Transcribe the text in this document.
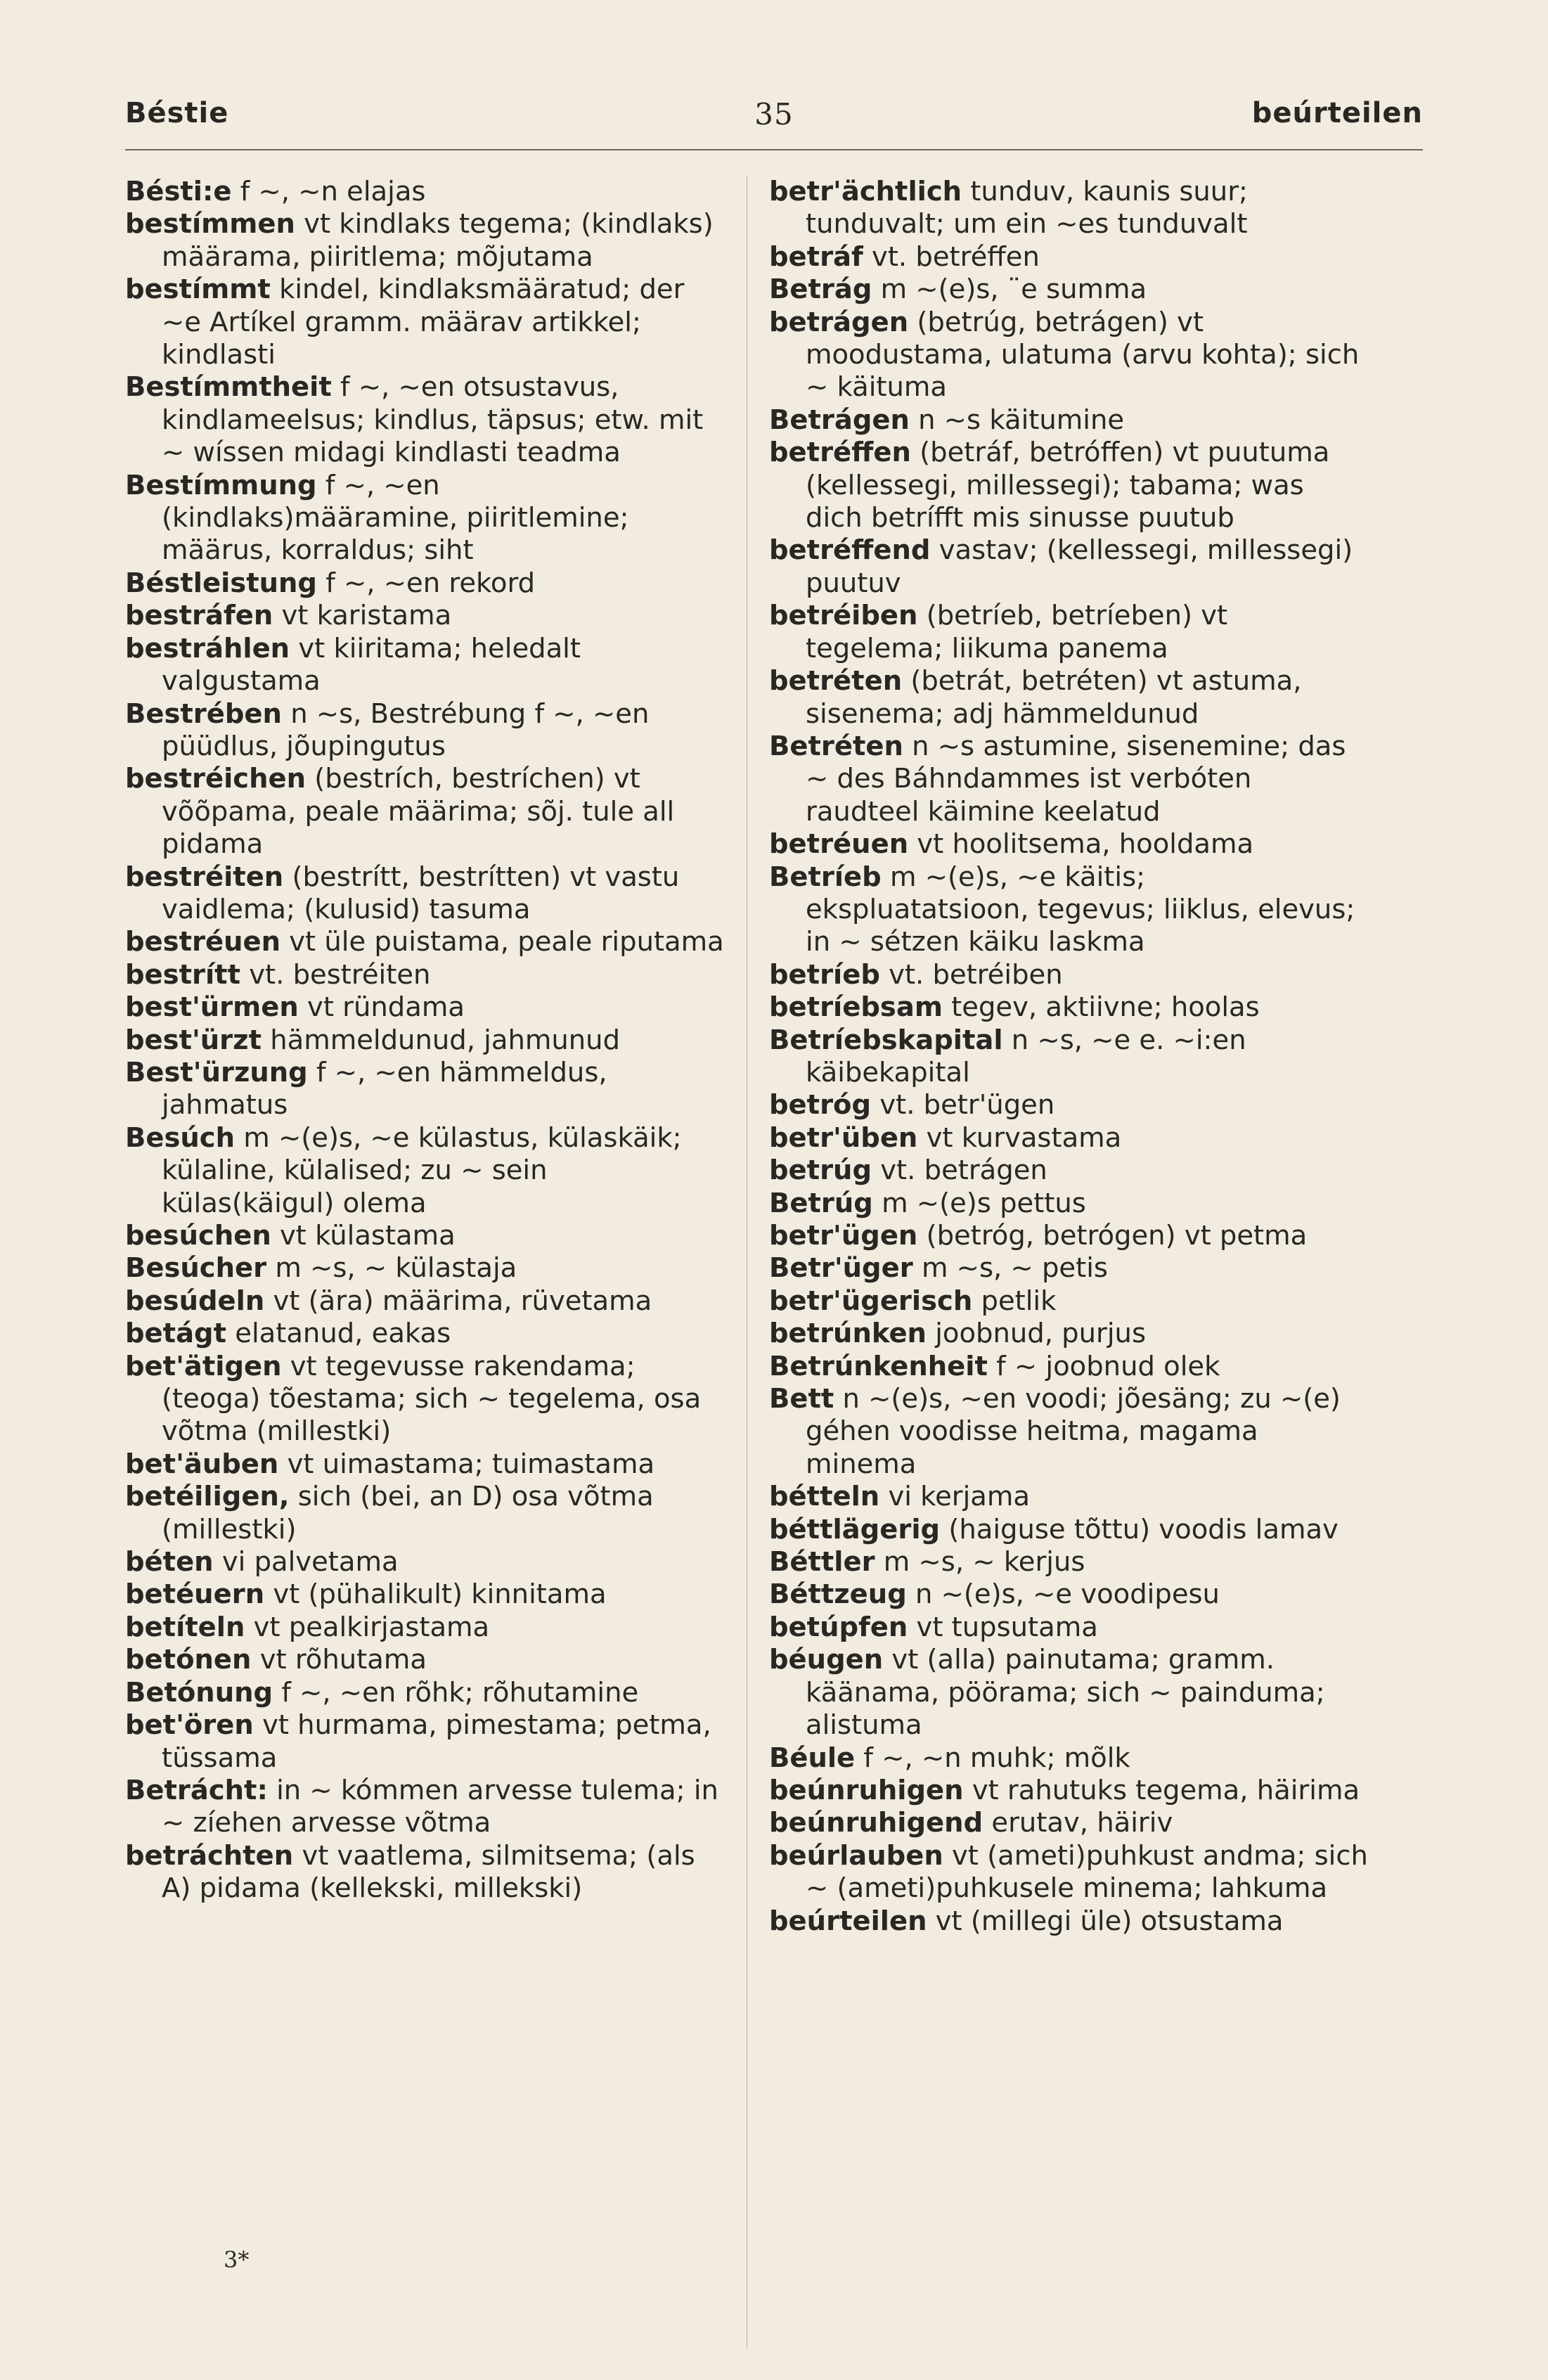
Béstie	35	beúrteilen
Bésti:e f ~, ~n elajas
bestímmen vt kindlaks tegema; (kindlaks) määrama, piiritlema; mõjutama
bestímmt kindel, kindlaksmääratud; der ~e Artíkel gramm. määrav artikkel; kindlasti
Bestímmtheit f ~, ~en otsustavus, kindlameelsus; kindlus, täpsus; etw. mit ~ wíssen midagi kindlasti teadma
Bestímmung f ~, ~en (kindlaks)määramine, piiritlemine; määrus, korraldus; siht
Béstleistung f ~, ~en rekord
bestráfen vt karistama
bestráhlen vt kiiritama; heledalt valgustama
Bestrében n ~s, Bestrébung f ~, ~en püüdlus, jõupingutus
bestréichen (bestrích, bestríchen) vt võõpama, peale määrima; sõj. tule all pidama
bestréiten (bestrítt, bestrítten) vt vastu vaidlema; (kulusid) tasuma
bestréuen vt üle puistama, peale riputama
bestrítt vt. bestréiten
best'ürmen vt ründama
best'ürzt hämmeldunud, jahmunud
Best'ürzung f ~, ~en hämmeldus, jahmatus
Besúch m ~(e)s, ~e külastus, külaskäik; külaline, külalised; zu ~ sein külas(käigul) olema
besúchen vt külastama
Besúcher m ~s, ~ külastaja
besúdeln vt (ära) määrima, rüvetama
betágt elatanud, eakas
bet'ätigen vt tegevusse rakendama; (teoga) tõestama; sich ~ tegelema, osa võtma (millestki)
bet'äuben vt uimastama; tuimastama
betéiligen, sich (bei, an D) osa võtma (millestki)
béten vi palvetama
betéuern vt (pühalikult) kinnitama
betíteln vt pealkirjastama
betónen vt rõhutama
Betónung f ~, ~en rõhk; rõhutamine
bet'ören vt hurmama, pimestama; petma, tüssama
Betrácht: in ~ kómmen arvesse tulema; in ~ zíehen arvesse võtma
betráchten vt vaatlema, silmitsema; (als A) pidama (kellekski, millekski)
betr'ächtlich tunduv, kaunis suur; tunduvalt; um ein ~es tunduvalt
betráf vt. betréffen
Betrág m ~(e)s, ¨e summa
betrágen (betrúg, betrágen) vt moodustama, ulatuma (arvu kohta); sich ~ käituma
Betrágen n ~s käitumine
betréffen (betráf, betróffen) vt puutuma (kellessegi, millessegi); tabama; was dich betrífft mis sinusse puutub
betréffend vastav; (kellessegi, millessegi) puutuv
betréiben (betríeb, betríeben) vt tegelema; liikuma panema
betréten (betrát, betréten) vt astuma, sisenema; adj hämmeldunud
Betréten n ~s astumine, sisenemine; das ~ des Báhndammes ist verbóten raudteel käimine keelatud
betréuen vt hoolitsema, hooldama
Betríeb m ~(e)s, ~e käitis; ekspluatatsioon, tegevus; liiklus, elevus; in ~ sétzen käiku laskma
betríeb vt. betréiben
betríebsam tegev, aktiivne; hoolas
Betríebskapital n ~s, ~e e. ~i:en käibekapital
betróg vt. betr'ügen
betr'üben vt kurvastama
betrúg vt. betrágen
Betrúg m ~(e)s pettus
betr'ügen (betróg, betrógen) vt petma
Betr'üger m ~s, ~ petis
betr'ügerisch petlik
betrúnken joobnud, purjus
Betrúnkenheit f ~ joobnud olek
Bett n ~(e)s, ~en voodi; jõesäng; zu ~(e) géhen voodisse heitma, magama minema
bétteln vi kerjama
béttlägerig (haiguse tõttu) voodis lamav
Béttler m ~s, ~ kerjus
Béttzeug n ~(e)s, ~e voodipesu
betúpfen vt tupsutama
béugen vt (alla) painutama; gramm. käänama, pöörama; sich ~ painduma; alistuma
Béule f ~, ~n muhk; mõlk
beúnruhigen vt rahutuks tegema, häirima
beúnruhigend erutav, häiriv
beúrlauben vt (ameti)puhkust andma; sich ~ (ameti)puhkusele minema; lahkuma
beúrteilen vt (millegi üle) otsustama
3*
